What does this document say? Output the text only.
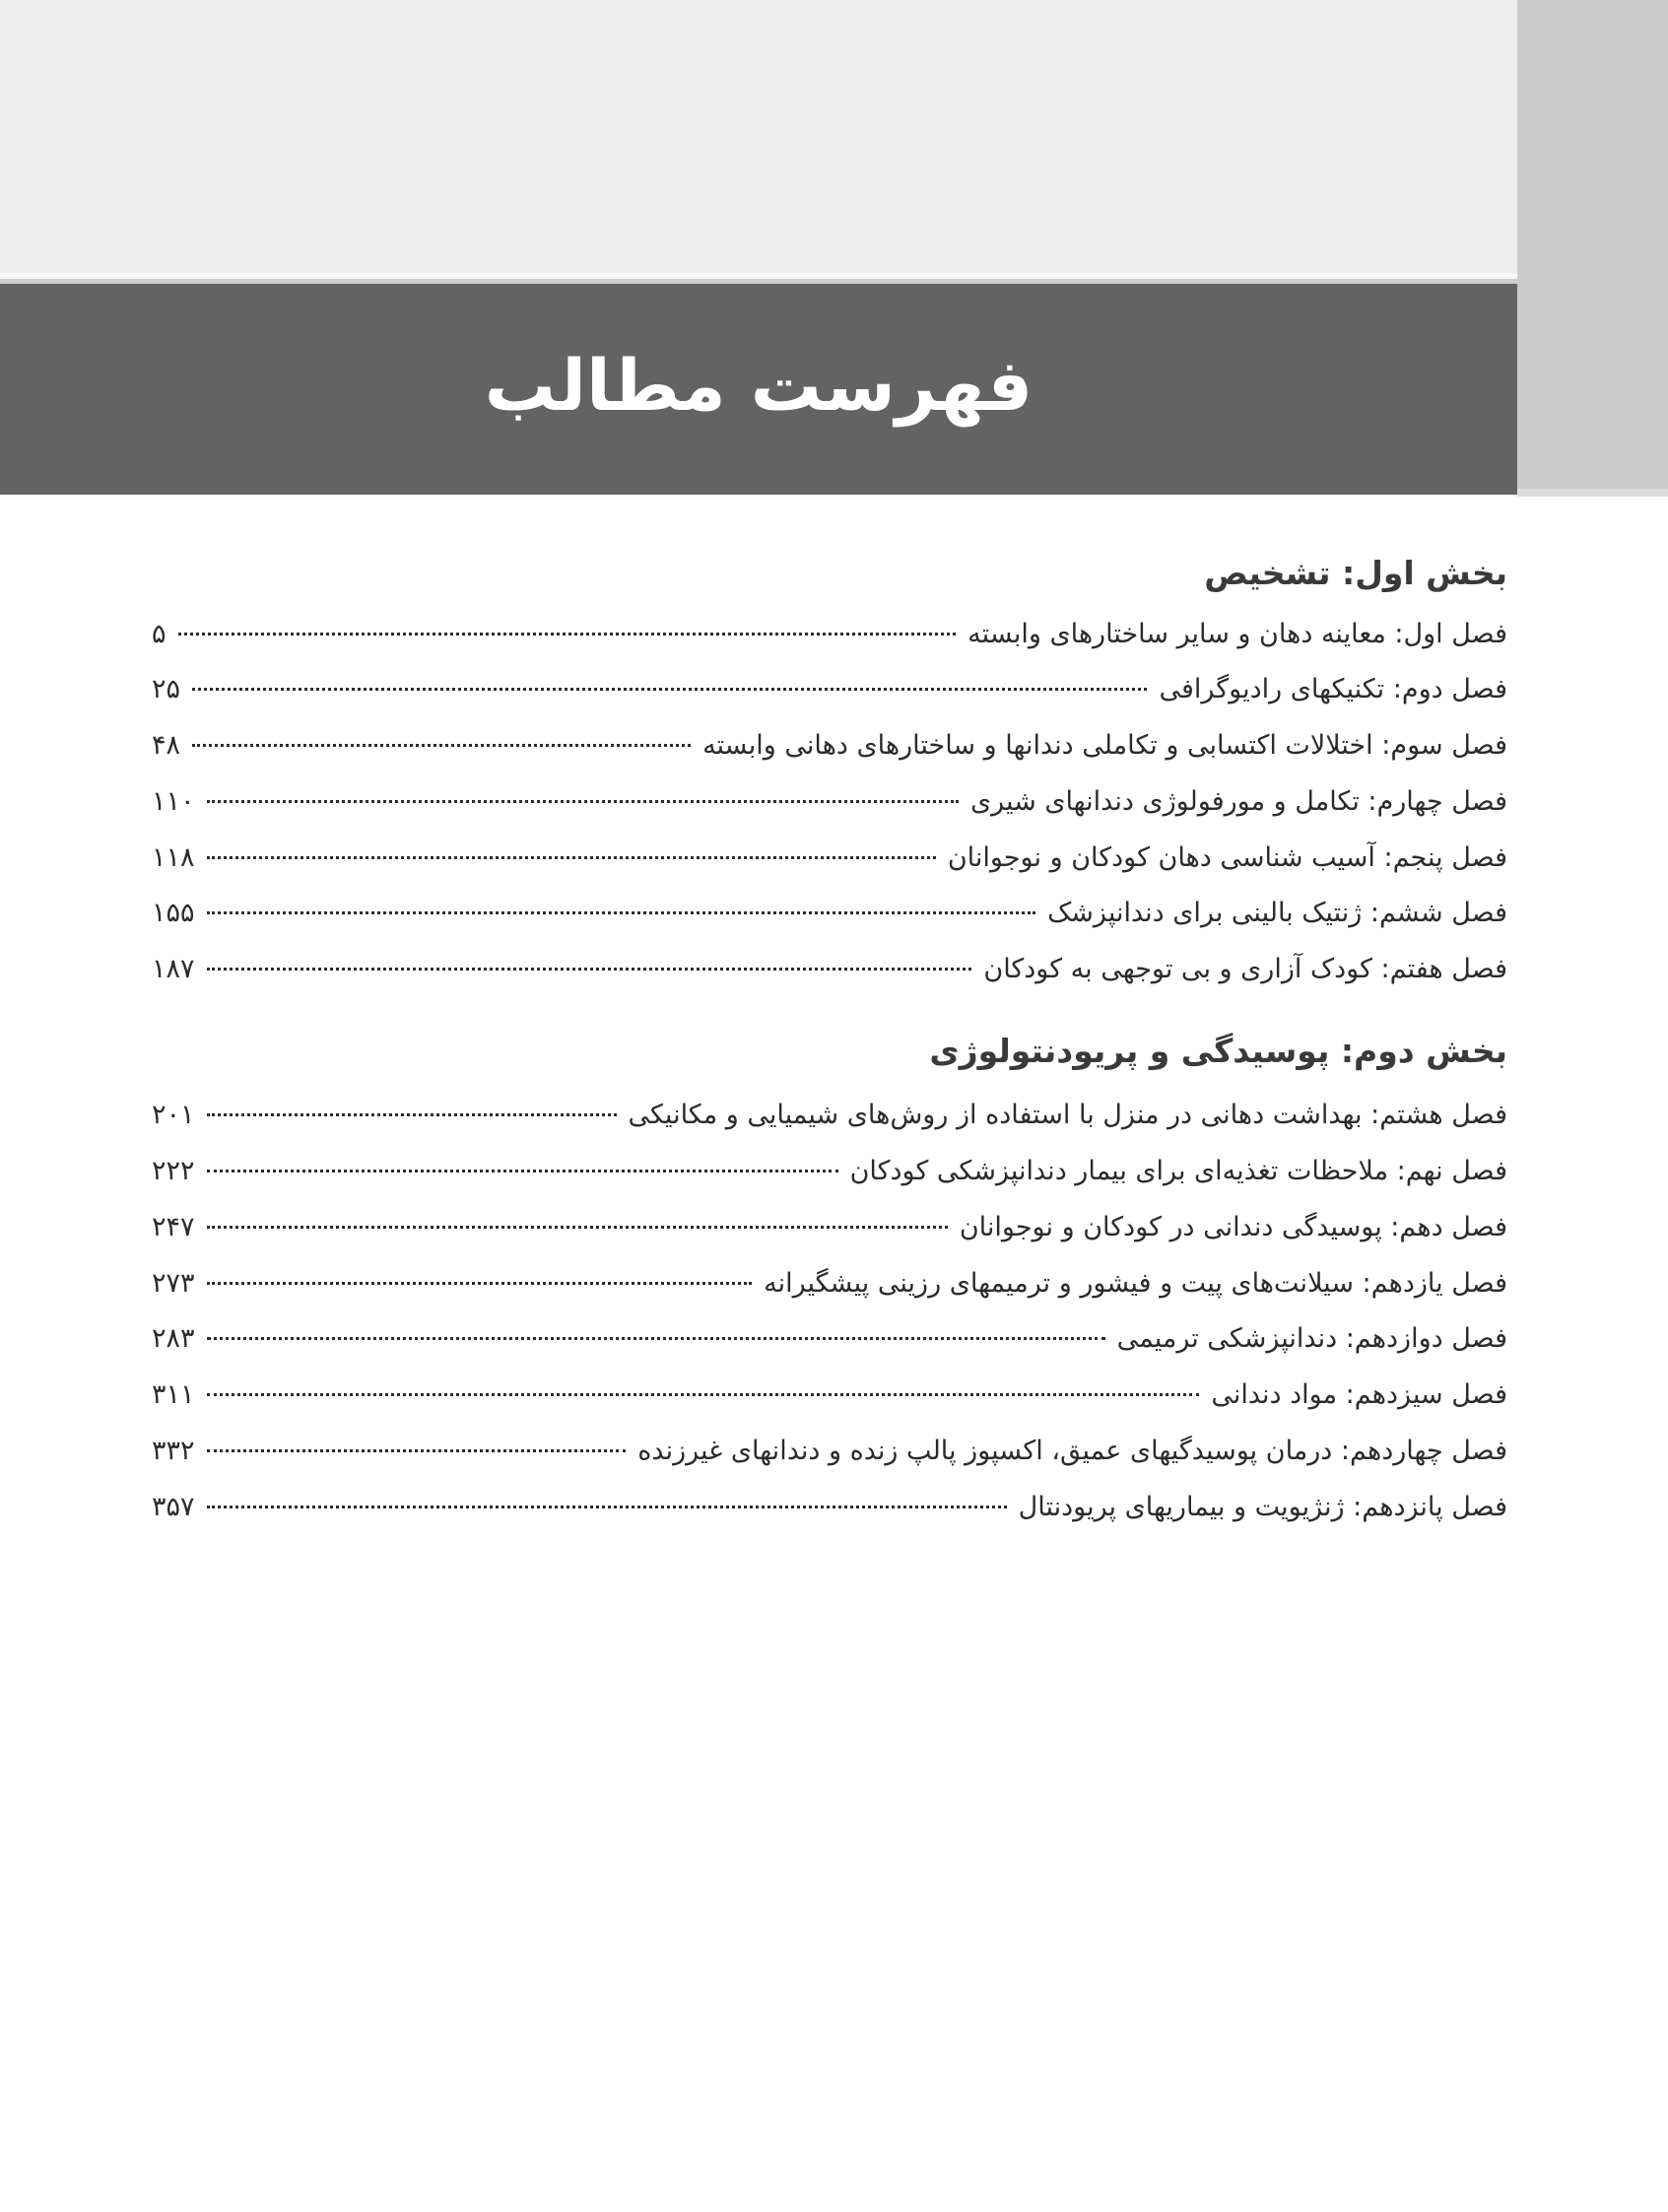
فهرست مطالب
بخش اول: تشخیص
فصل اول: معاینه دهان و سایر ساختارهای وابسته
۵
فصل دوم: تکنیکهای رادیوگرافی
۲۵
فصل سوم: اختلالات اکتسابی و تکاملی دندانها و ساختارهای دهانی وابسته
۴۸
فصل چهارم: تکامل و مورفولوژی دندانهای شیری
۱۱۰
فصل پنجم: آسیب شناسی دهان کودکان و نوجوانان
۱۱۸
فصل ششم: ژنتیک بالینی برای دندانپزشک
۱۵۵
فصل هفتم: کودک آزاری و بی توجهی به کودکان
۱۸۷
بخش دوم: پوسیدگی و پریودنتولوژی
فصل هشتم: بهداشت دهانی در منزل با استفاده از روش‌های شیمیایی و مکانیکی
۲۰۱
فصل نهم: ملاحظات تغذیه‌ای برای بیمار دندانپزشکی کودکان
۲۲۲
فصل دهم: پوسیدگی دندانی در کودکان و نوجوانان
۲۴۷
فصل یازدهم: سیلانت‌های پیت و فیشور و ترمیمهای رزینی پیشگیرانه
۲۷۳
فصل دوازدهم: دندانپزشکی ترمیمی
۲۸۳
فصل سیزدهم: مواد دندانی
۳۱۱
فصل چهاردهم: درمان پوسیدگیهای عمیق، اکسپوز پالپ زنده و دندانهای غیرزنده
۳۳۲
فصل پانزدهم: ژنژیویت و بیماریهای پریودنتال
۳۵۷
